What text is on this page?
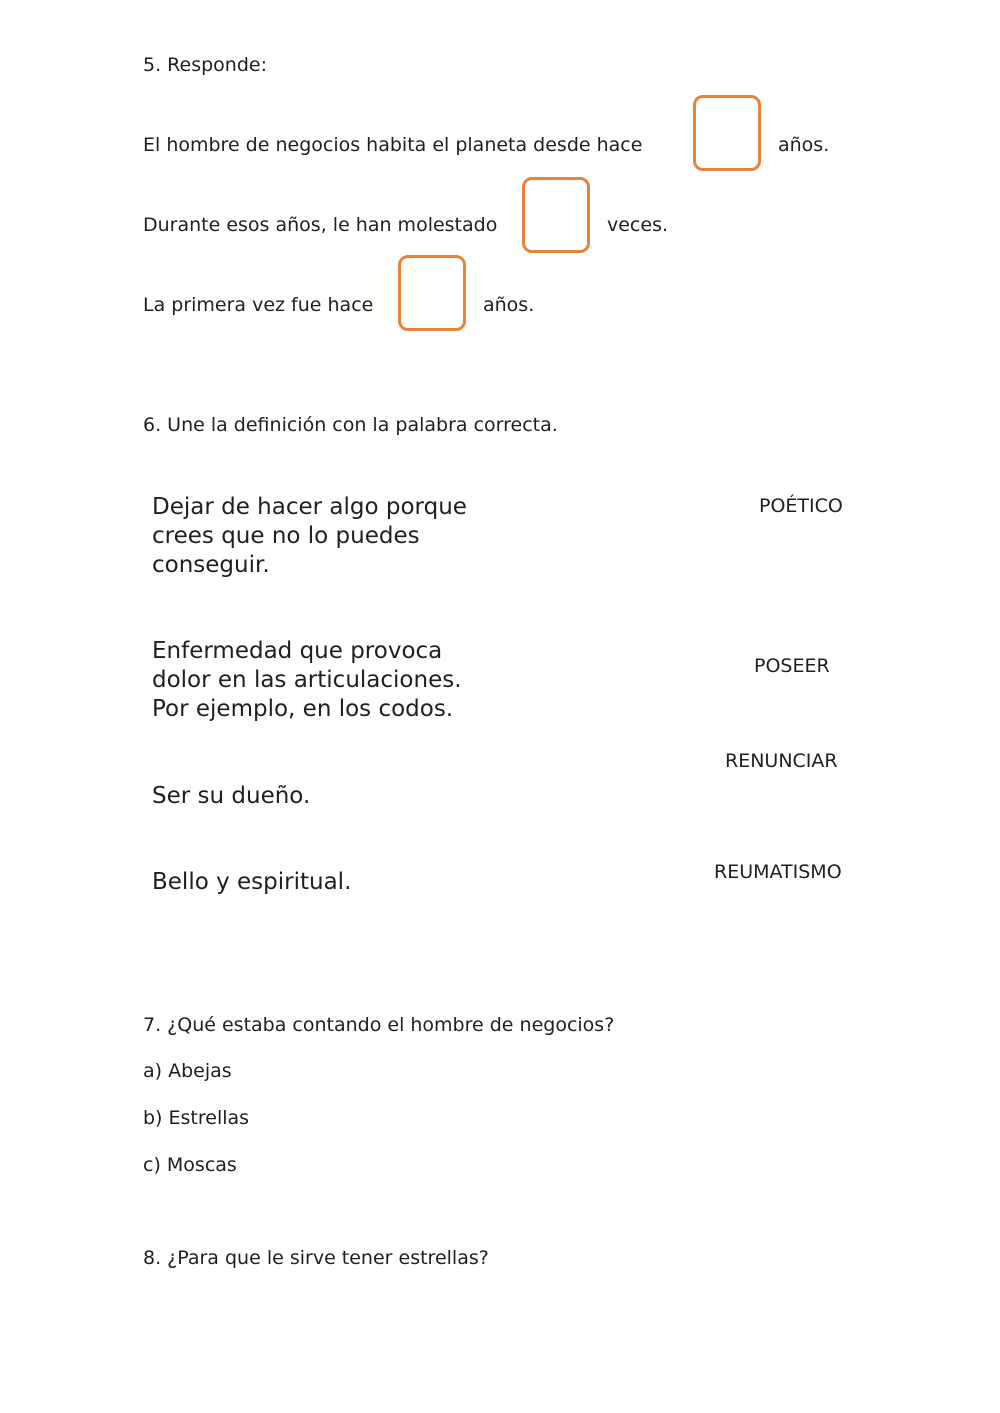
5. Responde:
El hombre de negocios habita el planeta desde hace	años.
Durante esos años, le han molestado	veces.
La primera vez fue hace	años.
6. Une la definición con la palabra correcta.
Dejar de hacer algo porque
crees que no lo puedes
conseguir.
Enfermedad que provoca
dolor en las articulaciones.
Por ejemplo, en los codos.
Ser su dueño.
Bello y espiritual.
POÉTICO
POSEER
RENUNCIAR
REUMATISMO
7. ¿Qué estaba contando el hombre de negocios?
a) Abejas
b) Estrellas
c) Moscas
8. ¿Para que le sirve tener estrellas?
